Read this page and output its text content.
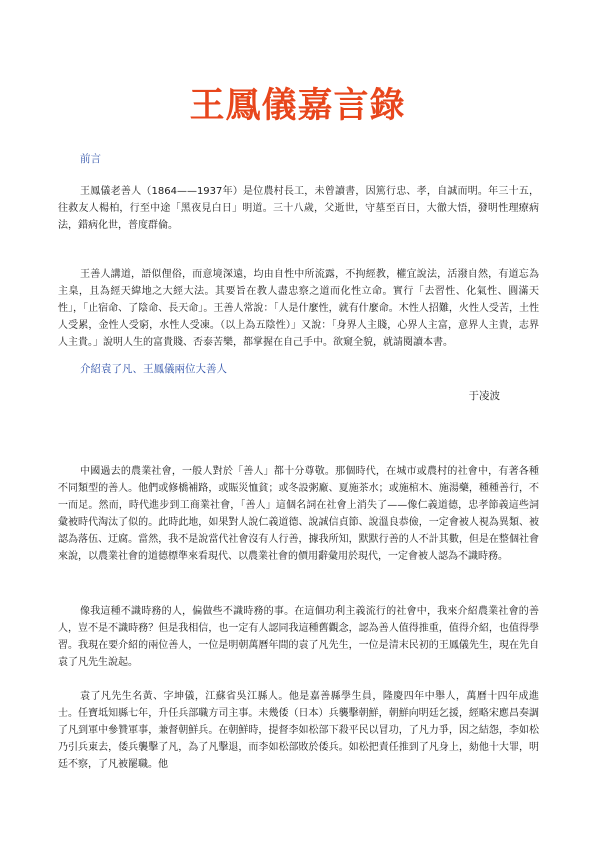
王鳳儀嘉言錄

前言

王鳳儀老善人（1864——1937年）是位農村長工，未曾讀書，因篤行忠、孝，自誠而明。年三十五，往救友人楊柏，行至中途「黑夜見白日」明道。三十八歲，父逝世，守墓至百日，大徹大悟，發明性理療病法，錯病化世，普度群倫。

王善人講道，語似俚俗，而意境深遠，均由自性中所流露，不拘經教，權宜說法，活潑自然，有道忘為主臬，且為經天緯地之大經大法。其要旨在教人盡忠察之道而化性立命。實行「去習性、化氣性、圓滿天性」，「止宿命、了陰命、長天命」。王善人常說：「人是什麼性，就有什麼命。木性人招難，火性人受苦，土性人受累，金性人受窮，水性人受凍。（以上為五陰性）」又說：「身界人主賤，心界人主富，意界人主貴，志界人主貴。」說明人生的富貴賤、否泰苦樂，都掌握在自己手中。欲窺全貌，就請閱讀本書。

介紹袁了凡、王鳳儀兩位大善人

于凌波

中國過去的農業社會，一般人對於「善人」都十分尊敬。那個時代，在城市或農村的社會中，有著各種不同類型的善人。他們或修橋補路，或賑災恤貧；或冬設粥廠、夏施茶水；或施棺木、施湯藥，種種善行，不一而足。然而，時代進步到工商業社會，「善人」這個名詞在社會上消失了——像仁義道德，忠孝節義這些詞彙被時代淘汰了似的。此時此地，如果對人說仁義道德、說誠信貞節、說溫良恭儉，一定會被人視為異類、被認為落伍、迂腐。當然，我不是說當代社會沒有人行善，據我所知，默默行善的人不計其數，但是在整個社會來說，以農業社會的道德標準來看現代、以農業社會的價用辭彙用於現代，一定會被人認為不識時務。

像我這種不識時務的人，偏做些不識時務的事。在這個功利主義流行的社會中，我來介紹農業社會的善人，豈不是不識時務？但是我相信，也一定有人認同我這種舊觀念，認為善人值得推重，值得介紹，也值得學習。我現在要介紹的兩位善人，一位是明朝萬曆年間的袁了凡先生，一位是清末民初的王鳳儀先生，現在先自袁了凡先生說起。

袁了凡先生名黃、字坤儀，江蘇省吳江縣人。他是嘉善縣學生員，隆慶四年中舉人，萬曆十四年成進士。任寶坻知縣七年，升任兵部職方司主事。未幾倭（日本）兵襲擊朝鮮，朝鮮向明廷乞援，經略宋應昌奏調了凡到軍中參贊軍事，兼督朝鮮兵。在朝鮮時，提督李如松部下殺平民以冒功，了凡力爭，因之結怨，李如松乃引兵東去，倭兵襲擊了凡，為了凡擊退，而李如松部敗於倭兵。如松把責任推到了凡身上，劾他十大罪，明廷不察，了凡被罷職。他
